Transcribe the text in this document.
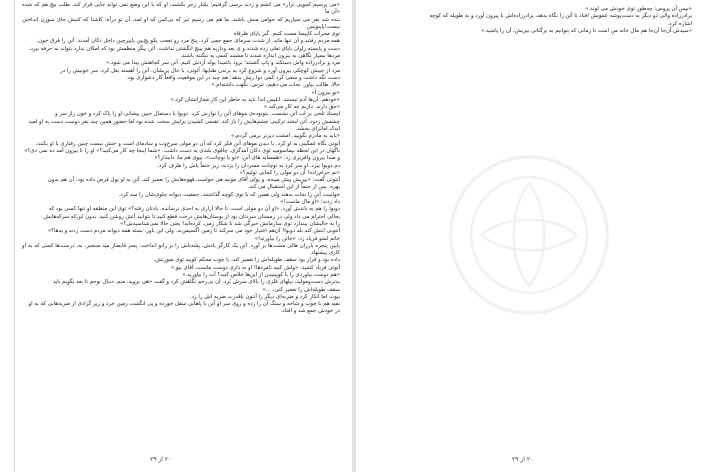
«می پرسیم کجویی نزار» می کشم و زدند برسی گرفتیم؛ یکبار زجر بکشند، او که با این وضع نمی تواند جایی قرار کند. طلب بیچ هم که شده «آن ما

بنده شد نفر می سیاریم که حواس منش باشند، ما هم می رسیم تیر که بی‌کس که او لمد، آن تو درآه، کاشنا که کنیش جای سوزن انداختن نیست!پاپنویس

توی محراب کاپیسا مست کنیم. گیر یاپای ظرفاه

همه مردم رفتند و آن تنها ماند. از شدت سرمای جمع جمی کرد. پنج مرد رو تعجب یکو پچ‌بین پاپیرچین داخل دکان آمدند. آتن را فرق خون.

دست و پاپسته راوان باپای تعلی زده شدند و ی بعد وداریه هم یبیچ انگشتی نداشت. آتن بیگر منظمش بود که امکان ندارد بتواند به حرفه بپرد،

مردها بسیار نگاهی به بیرون اندازه شدند تا مشیند کسی به بنگنته باشند.

مرد و برادرزاده واش دستکند و پاپ گشتند؛ برود باشیدا بولد آزدش کنیم. آتن سر کجاهنش بیدا می شود.»

مرد از جیبش کوچکی بیرون آورد و شروع کرد به برندن طنابها. آتوتی، با حال پریشان، آتن را آهسته بغل کرد. سر خونیش را در

دست نگه داشت و سعی کرد کمی دوا ریش بدهد؛ هم چند در این موقعیت واقعاً کار دشواری بود.

حالا، طالب بیاور. نجات می دهیم، نترس. نگهت داشته‌ام.»

«تو بیرون آ»

«خودهم. آن‌ها آدم تیستند. ابلیس اند! باید به خاطر این کار مجازاتشان کرد.»

«حق دارند. داریم چه کار می‌کند.»

ایستاد تلخی بر لب آتن نشست. بتونوده‌ی موهای آتن را نوازش کرد. دوبوا با دستمال جبین پیشانی او را پاک کرد و خون راز سر و

چشمش زدود. آتن لبخند ترکیبی چشم‌هایش را باز کند. تقسی کشیدن برایش سخت شده بود اما حضور همین چند نفر دوست دست به او امید

اندک امانزای بخشد.

«باید به مادرم بگویید. امشب دیرتر برمی گردم.»

آتوتی نگاه غمگینی به او کرد. با دیدن موهای آتن فکر کرد که آن دو مولی سرخ‌وب و سادمای است و حتش نیست چنین رفتاری با او بکنند.

ناگهان در این لحظه نپماسومید توی دکان آمدگری. چاقوی بلندی به دست داشت. «شما اینجا چه کار می‌کنید؟» او را تا بیرون آمد ده نمی دی؟»

و صدا بیرون واقریزی زد؛ «همسایه های آتن، «تو یا نوچانت»، بیوی هم ما، دانبدار؟»

دم دوبوا بیرد. او سر کرد به نوچانت مسردان را بزدند، زیر حتماً یاش را طرف کرد.

«نم حرام‌زاده! آن دو مولی را کجایی تولیم؟»

آنتونی گفت: «بیریش پیش مینه‌ه، و پولی آقای مونیه هی خواست قهوه‌هابش را تعمیر کند، آتن به او پول قرض داده بود. آن هم بدون

بهره. پس از حتماً از این استفبال می کند.

خواست آتن را نجات بدهند ولی همین که با توی کوچه گذاشتند، جمعیت دیوانه جلوی‌شان را سد کرد.

داد زدند؛ «او مال ماست!»

دوبوا را هم به باندش آورد. «او آن دو مولی است. تا حالا آزاری به احدی نرسانده. بادتان رفته؟» توی این منطقه او تنها کسی بود که

بحالی احترام می داد ولی در زمستان سردتان بود از بوستان‌هایش درخت قطع کنید تا بتوانید آتش روشن کنید. بدون این‌که سرکه‌هایش

را به حالیشان بیندازد توی سازمانش خیرگی شد تا شکار زمی. کرده‌اید! بعنی حالا نمی‌شناسیدش؟»

آتتونی انتش کند بله دوبوا! آن‌هم اختیار خود می سرکند تا زمین اگسیمن‌ند. ولی این باور. بسته همه دیوانه مردم دست زدند و یه‌ها؟»

خانم لشو فریاد زد: «خائن را بیاورند!»

پاپین پنجره بارزان هالی مشت‌ها بر آورد. آتن یک کارگر بادش. پشه‌باش را بر زانو انداخت. پسر قابضاز مید سنجیر، نه، درست‌ها کسی که به او کاری بیشنهاد

داده بود و قرار بود سقف طویله‌اش را تعمیر کند، با چوب محکم کوبید توی صورتش.

آتوتی فریاد کشید: «ولش کنید نامردها! او نه داری دوست ماست، آقای بیو.»

«هم دوست بیاوردی را با کوپینیدن از این‌ها خلاص کنید؟ آب را بیاورید.»

بدترش دست‌ومولید، بیلهای فلزی را بالای سرش بُرد. آن بی‌رحم نگاهش کرد و گفت «هی بروید، منم. دنبال نوحم تا بعد بگویم باید

سقف طویله‌اش را تعمیر کنی، ...»

بیوت اما انکار کرد و ضربه‌ای دیگر را آنتون باقدرت ضربه اش را زد.

نفیه هم با چوب و شاخه و سنگ آن را زده و روی سر او آتن با پاهایی سفل خورده و پی انگشت زمین خرد و زیر گزادی از ضربه‌هایی که به او

در خودش جمع شد و افتاد.

۲۰ از ۲۹

«بیس آن پروس: چه‌طور توی خودش می لوند.»

برادرزاده والی دو دیگر به دست‌پوشه عمویش افتاد تا آتن را نگاه بدهد، برادرزاده‌اش با پیرون آورد و به طویله که کوچه

اشاره کرد.

«سیدش آن‌جا آن‌جا هم مال خانه من است تا زمانی که بتوانیم به برگتانی بیریش، آن را پاشید.»

۲۰ از ۲۹
